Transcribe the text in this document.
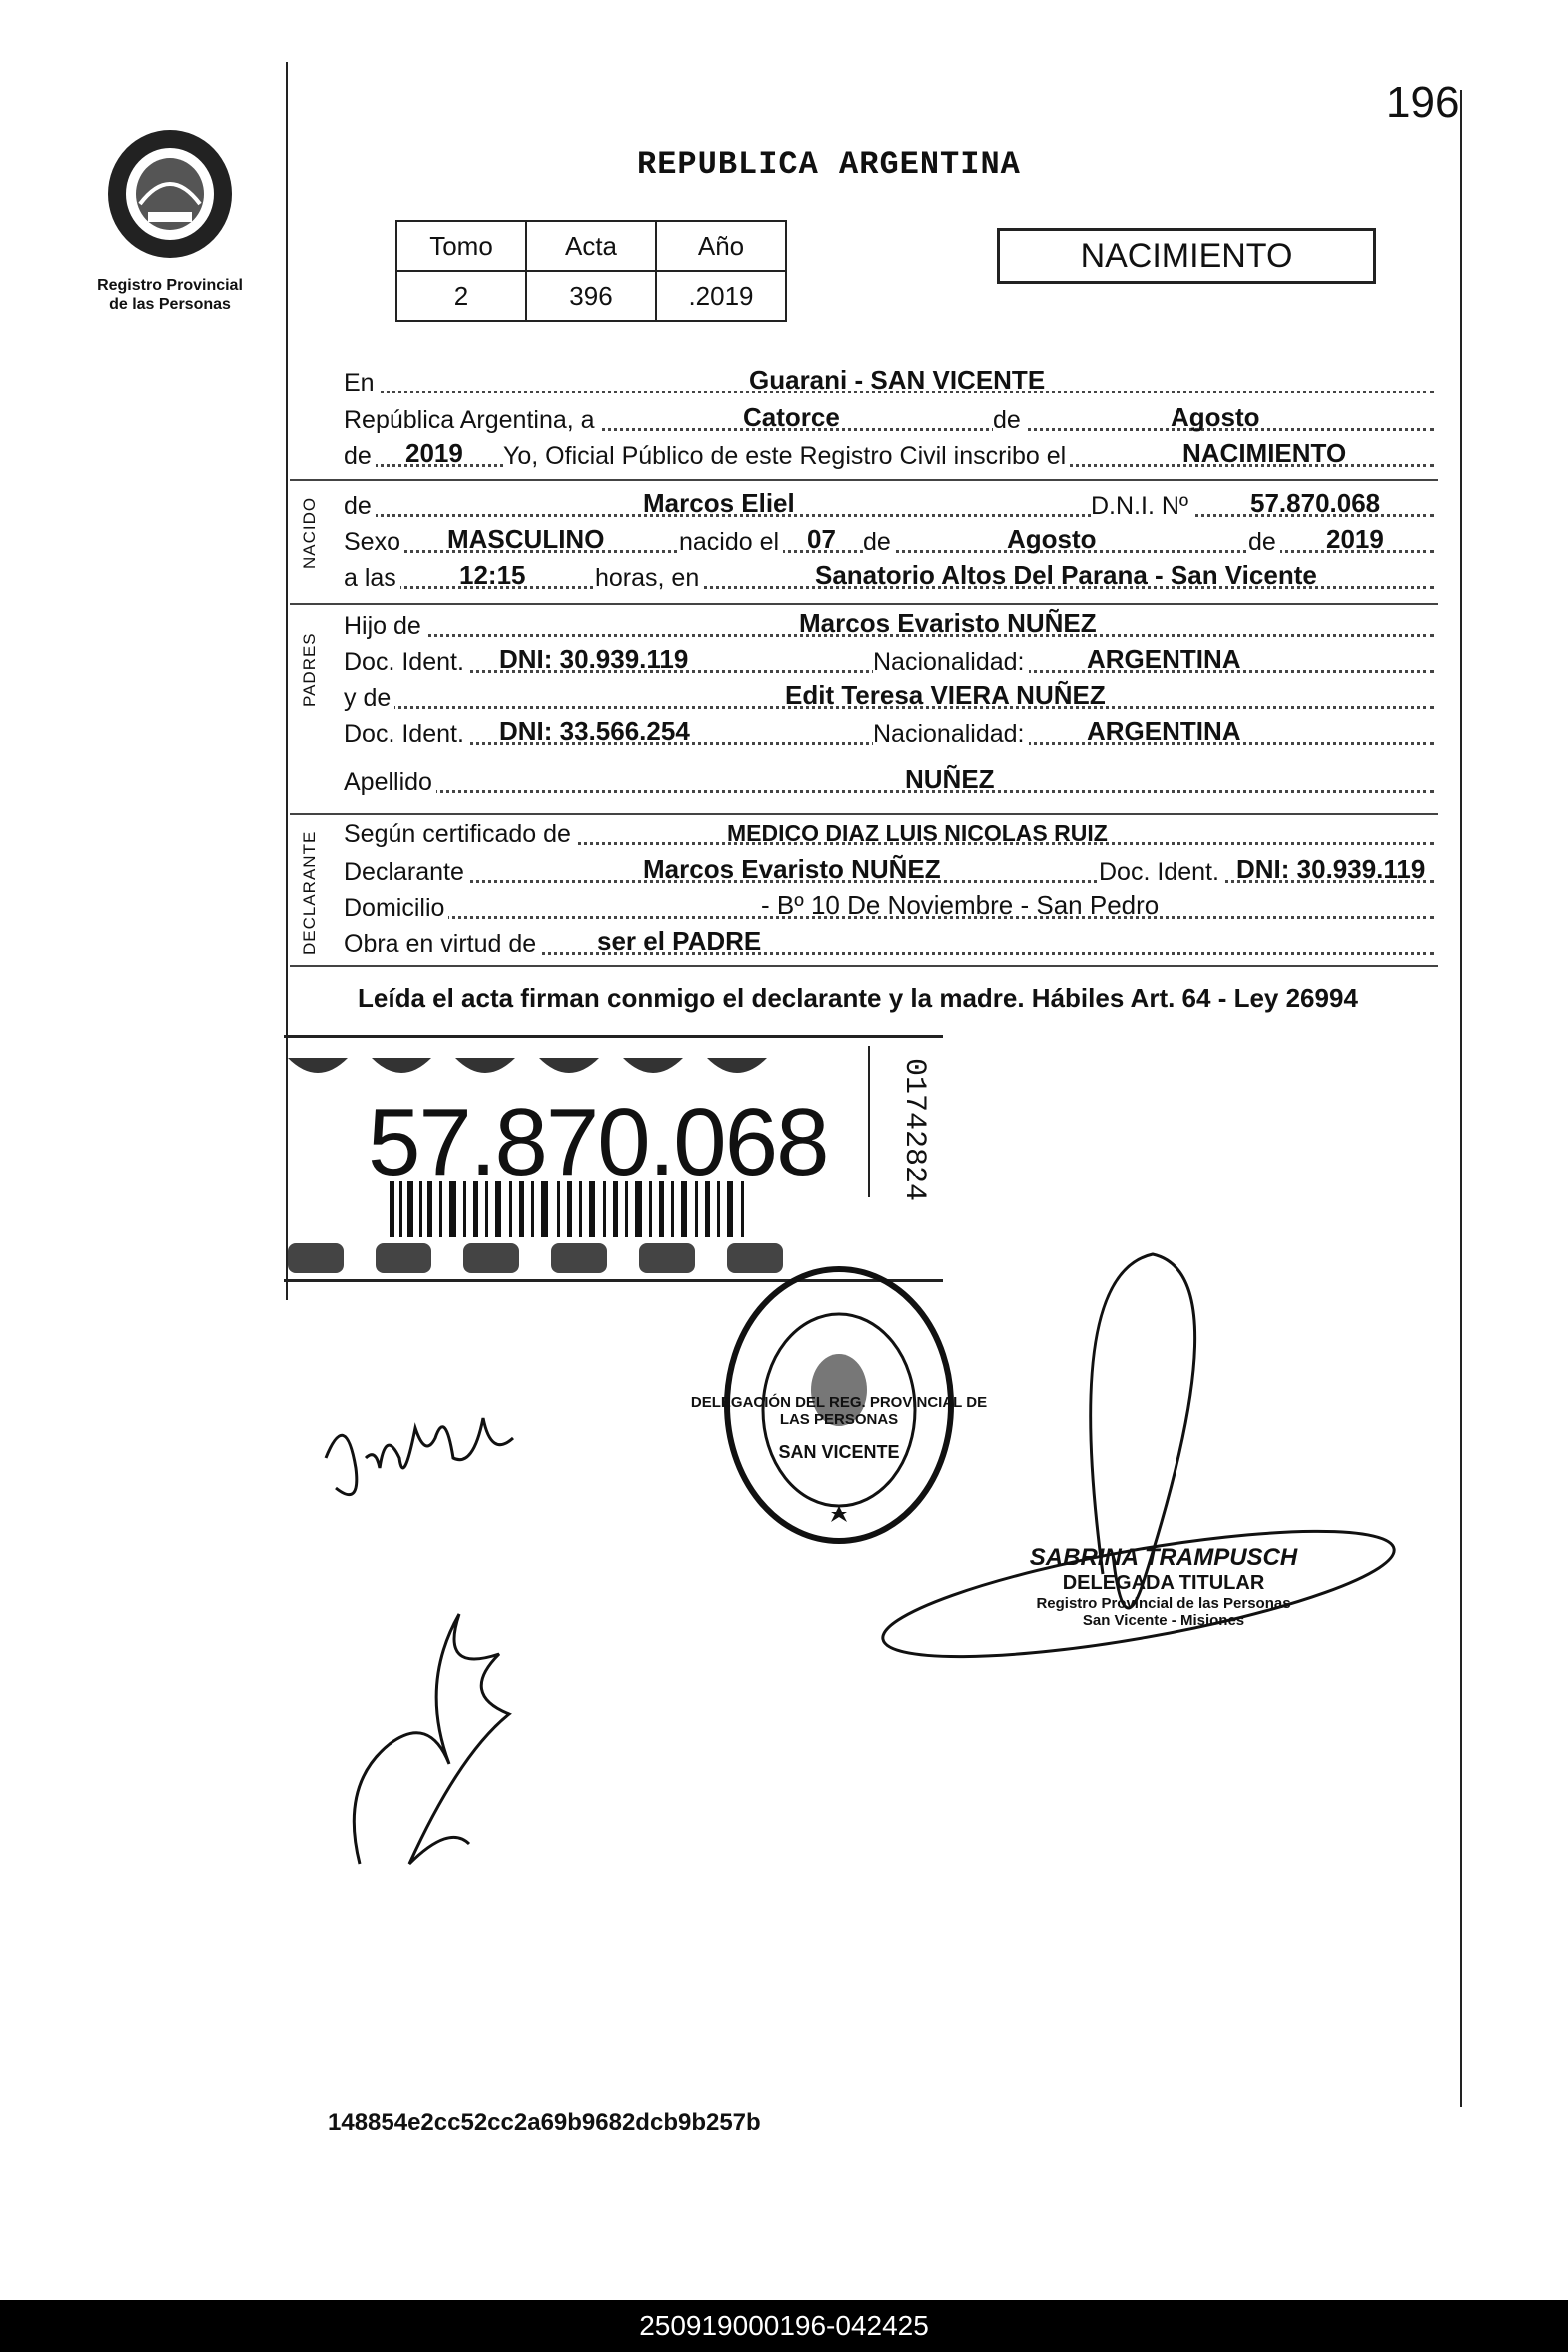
Registro Provincial
de las Personas
196
REPUBLICA ARGENTINA
Tomo	Acta	Año
2	396	.2019
NACIMIENTO
En	Guarani - SAN VICENTE
República Argentina, a	Catorce	de	Agosto
de 2019 Yo, Oficial Público de este Registro Civil inscribo el	NACIMIENTO
NACIDO de	Marcos Eliel	D.N.I. Nº 57.870.068
Sexo MASCULINO	nacido el 07 de	Agosto	de 2019
a las 12:15	horas, en	Sanatorio Altos Del Parana - San Vicente
PADRES
Hijo de	Marcos Evaristo NUÑEZ
Doc. Ident. DNI: 30.939.119	Nacionalidad: ARGENTINA
y de	Edit Teresa VIERA NUÑEZ
Doc. Ident. DNI: 33.566.254	Nacionalidad: ARGENTINA
Apellido	NUÑEZ
DECLARANTE Según certificado de	MEDICO DIAZ LUIS NICOLAS RUIZ
Declarante	Marcos Evaristo NUÑEZ	Doc. Ident. DNI: 30.939.119
Domicilio	- Bº 10 De Noviembre - San Pedro
Obra en virtud de ser el PADRE
Leída el acta firman conmigo el declarante y la madre. Hábiles Art. 64 - Ley 26994
57.870.068 01742824
DELEGACIÓN DEL REG. PROVINCIAL DE LAS PERSONAS
SAN VICENTE
SABRINA TRAMPUSCH
DELEGADA TITULAR
Registro Provincial de las Personas
San Vicente - Misiones
148854e2cc52cc2a69b9682dcb9b257b
250919000196-042425
